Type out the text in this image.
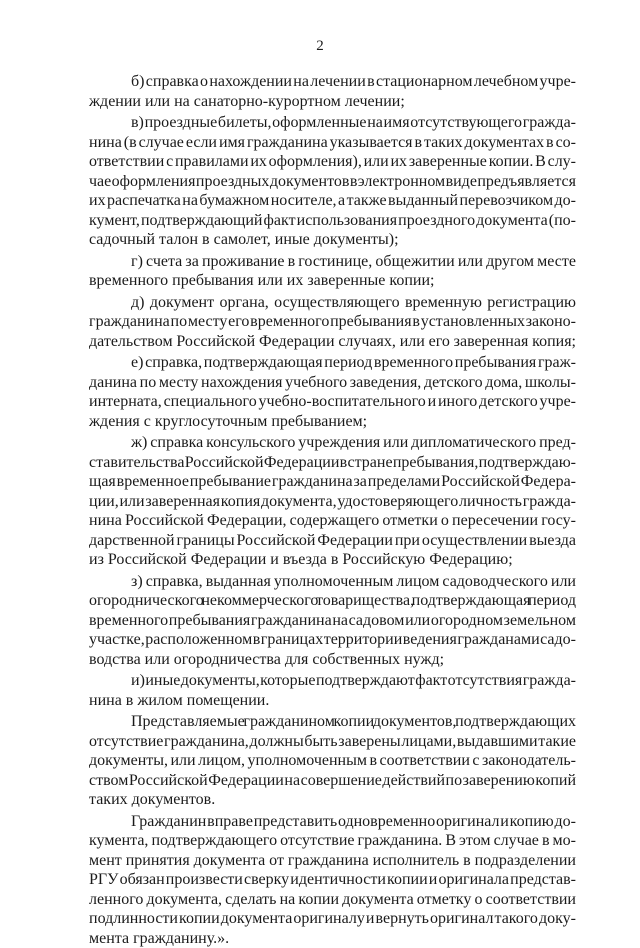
2
б) справка о нахождении на лечении в стационарном лечебном учре-
ждении или на санаторно-курортном лечении;
в) проездные билеты, оформленные на имя отсутствующего гражда-
нина (в случае если имя гражданина указывается в таких документах в со-
ответствии с правилами их оформления), или их заверенные копии. В слу-
чае оформления проездных документов в электронном виде предъявляется
их распечатка на бумажном носителе, а также выданный перевозчиком до-
кумент, подтверждающий факт использования проездного документа (по-
садочный талон в самолет, иные документы);
г) счета за проживание в гостинице, общежитии или другом месте
временного пребывания или их заверенные копии;
д) документ органа, осуществляющего временную регистрацию
гражданина по месту его временного пребывания в установленных законо-
дательством Российской Федерации случаях, или его заверенная копия;
е) справка, подтверждающая период временного пребывания граж-
данина по месту нахождения учебного заведения, детского дома, школы-
интерната, специального учебно-воспитательного и иного детского учре-
ждения с круглосуточным пребыванием;
ж) справка консульского учреждения или дипломатического пред-
ставительства Российской Федерации в стране пребывания, подтверждаю-
щая временное пребывание гражданина за пределами Российской Федера-
ции, или заверенная копия документа, удостоверяющего личность гражда-
нина Российской Федерации, содержащего отметки о пересечении госу-
дарственной границы Российской Федерации при осуществлении выезда
из Российской Федерации и въезда в Российскую Федерацию;
з) справка, выданная уполномоченным лицом садоводческого или
огороднического некоммерческого товарищества, подтверждающая период
временного пребывания гражданина на садовом или огородном земельном
участке, расположенном в границах территории ведения гражданами садо-
водства или огородничества для собственных нужд;
и) иные документы, которые подтверждают факт отсутствия гражда-
нина в жилом помещении.
Представляемые гражданином копии документов, подтверждающих
отсутствие гражданина, должны быть заверены лицами, выдавшими такие
документы, или лицом, уполномоченным в соответствии с законодатель-
ством Российской Федерации на совершение действий по заверению копий
таких документов.
Гражданин вправе представить одновременно оригинал и копию до-
кумента, подтверждающего отсутствие гражданина. В этом случае в мо-
мент принятия документа от гражданина исполнитель в подразделении
РГУ обязан произвести сверку идентичности копии и оригинала представ-
ленного документа, сделать на копии документа отметку о соответствии
подлинности копии документа оригиналу и вернуть оригинал такого доку-
мента гражданину.».
